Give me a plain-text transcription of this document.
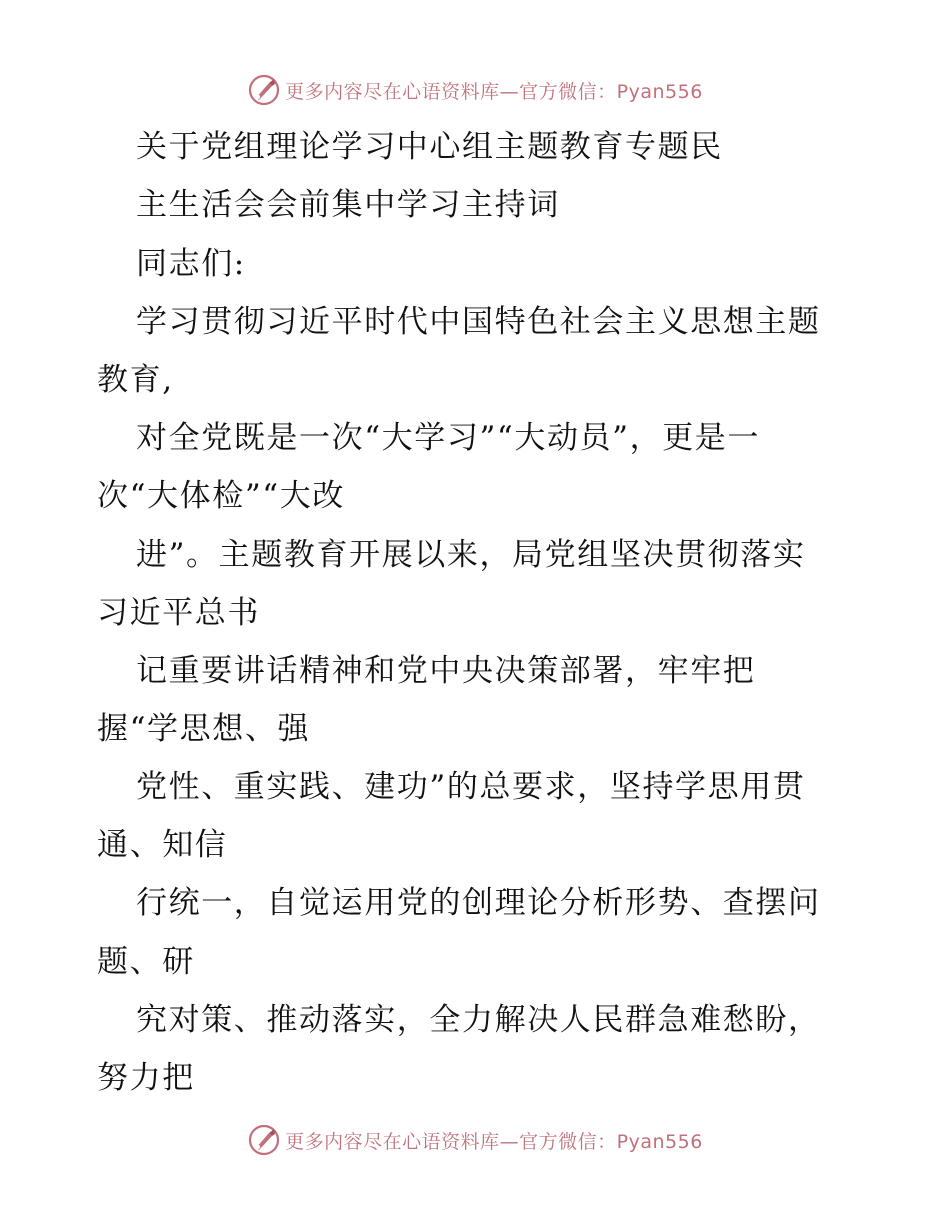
更多内容尽在心语资料库—官方微信：Pyan556
关于党组理论学习中心组主题教育专题民
主生活会会前集中学习主持词
同志们:
学习贯彻习近平时代中国特色社会主义思想主题
教育,
对全党既是一次“大学习”“大动员”，更是一
次“大体检”“大改
进”。主题教育开展以来，局党组坚决贯彻落实
习近平总书
记重要讲话精神和党中央决策部署，牢牢把
握“学思想、强
党性、重实践、建功”的总要求，坚持学思用贯
通、知信
行统一，自觉运用党的创理论分析形势、查摆问
题、研
究对策、推动落实，全力解决人民群急难愁盼，
努力把
更多内容尽在心语资料库—官方微信：Pyan556
